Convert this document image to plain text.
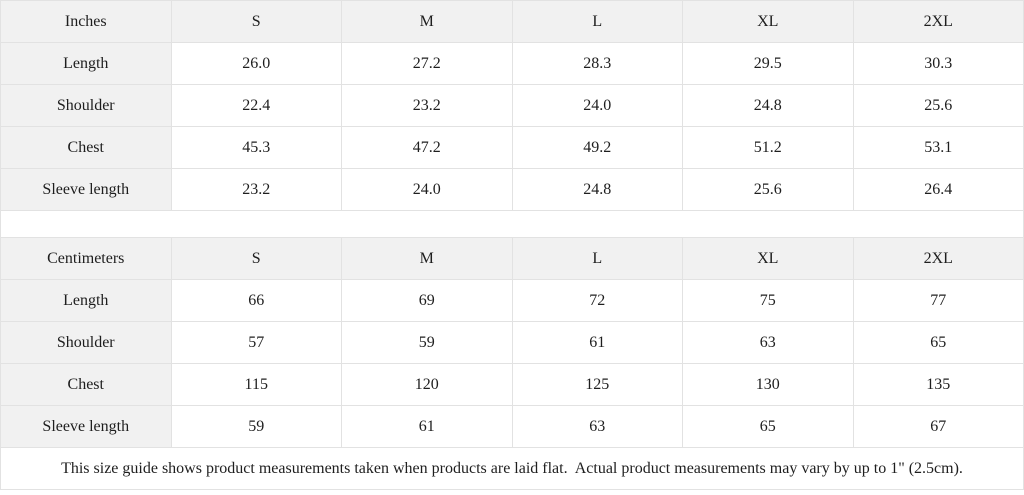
Inches	S	M	L	XL	2XL
Length	26.0	27.2	28.3	29.5	30.3
Shoulder	22.4	23.2	24.0	24.8	25.6
Chest	45.3	47.2	49.2	51.2	53.1
Sleeve length	23.2	24.0	24.8	25.6	26.4

Centimeters	S	M	L	XL	2XL
Length	66	69	72	75	77
Shoulder	57	59	61	63	65
Chest	115	120	125	130	135
Sleeve length	59	61	63	65	67
This size guide shows product measurements taken when products are laid flat.  Actual product measurements may vary by up to 1" (2.5cm).					
